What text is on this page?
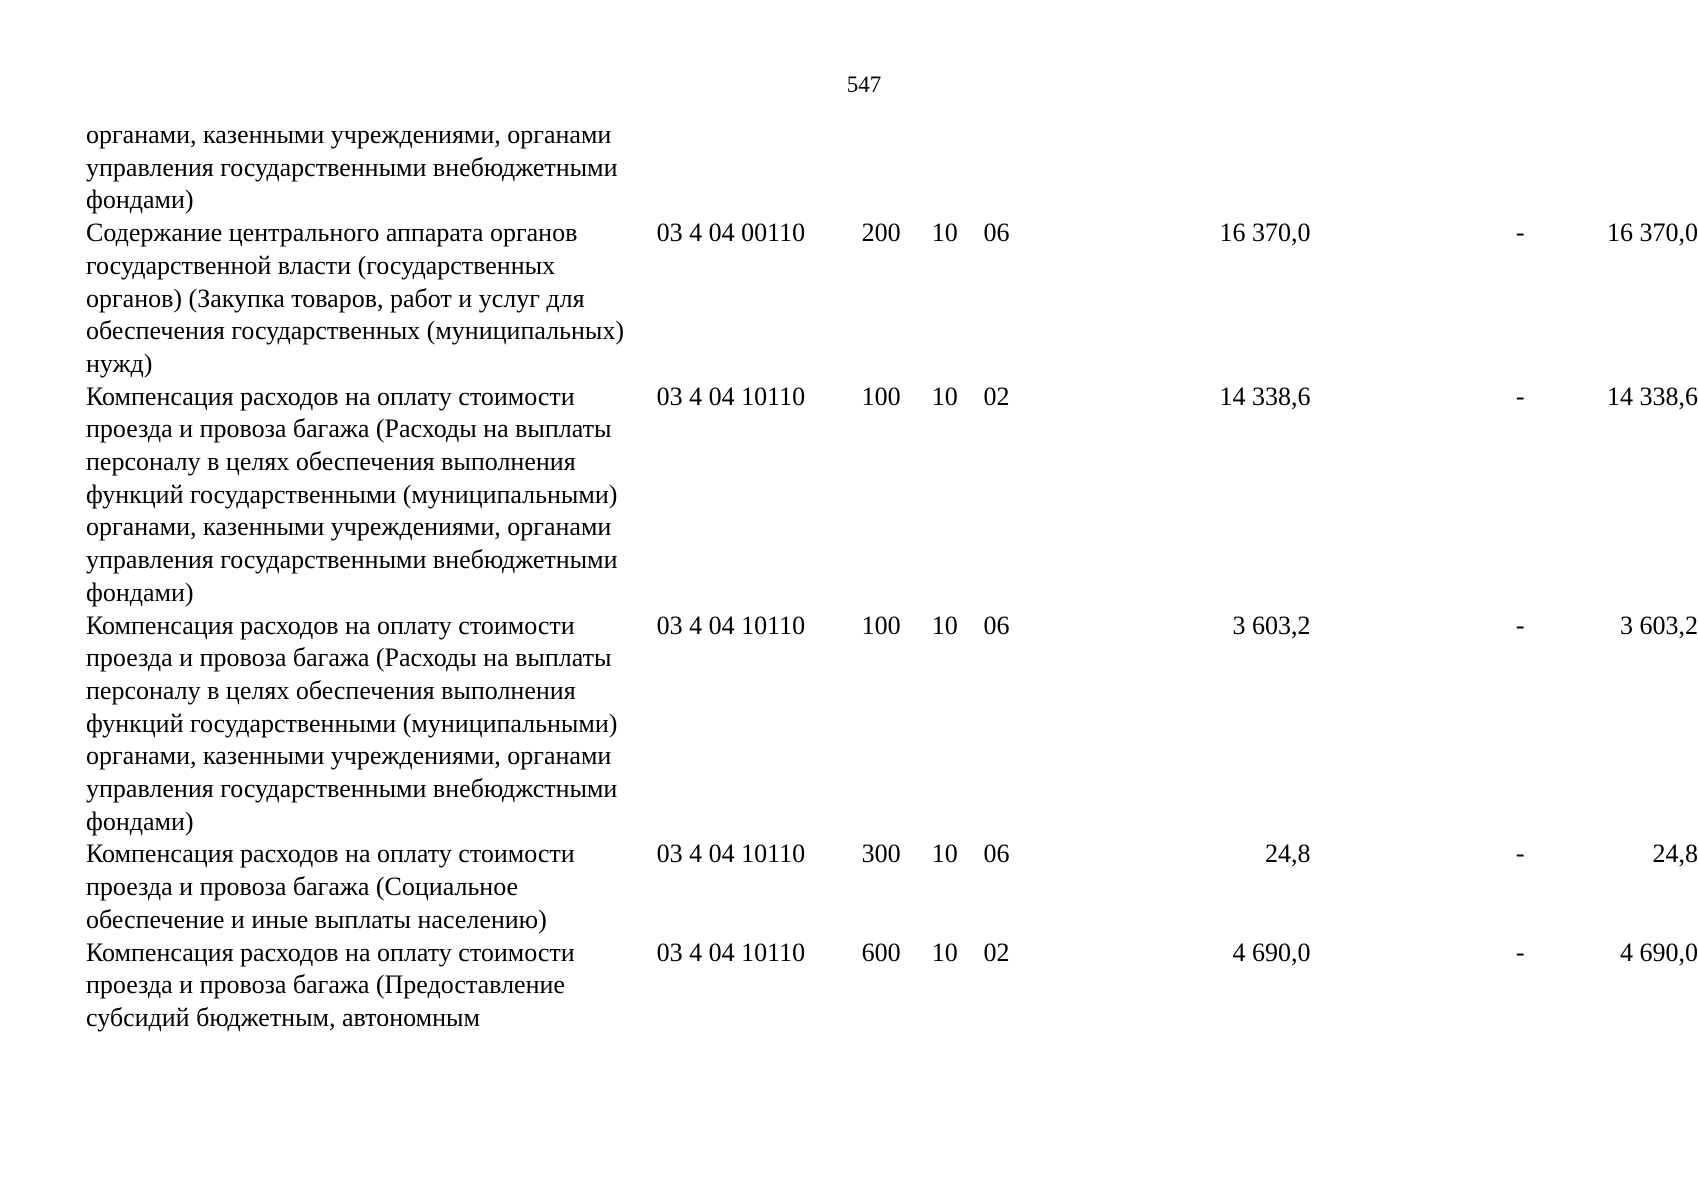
547
органами, казенными учреждениями, органами управления государственными внебюджетными фондами)							
Содержание центрального аппарата органов государственной власти (государственных органов) (Закупка товаров, работ и услуг для обеспечения государственных (муниципальных) нужд)	03 4 04 00110	200	10	06	16 370,0	-	16 370,0
Компенсация расходов на оплату стоимости проезда и провоза багажа (Расходы на выплаты персоналу в целях обеспечения выполнения функций государственными (муниципальными) органами, казенными учреждениями, органами управления государственными внебюджетными фондами)	03 4 04 10110	100	10	02	14 338,6	-	14 338,6
Компенсация расходов на оплату стоимости проезда и провоза багажа (Расходы на выплаты персоналу в целях обеспечения выполнения функций государственными (муниципальными) органами, казенными учреждениями, органами управления государственными внебюджстными фондами)	03 4 04 10110	100	10	06	3 603,2	-	3 603,2
Компенсация расходов на оплату стоимости проезда и провоза багажа (Социальное обеспечение и иные выплаты населению)	03 4 04 10110	300	10	06	24,8	-	24,8
Компенсация расходов на оплату стоимости проезда и провоза багажа (Предоставление субсидий бюджетным, автономным	03 4 04 10110	600	10	02	4 690,0	-	4 690,0
